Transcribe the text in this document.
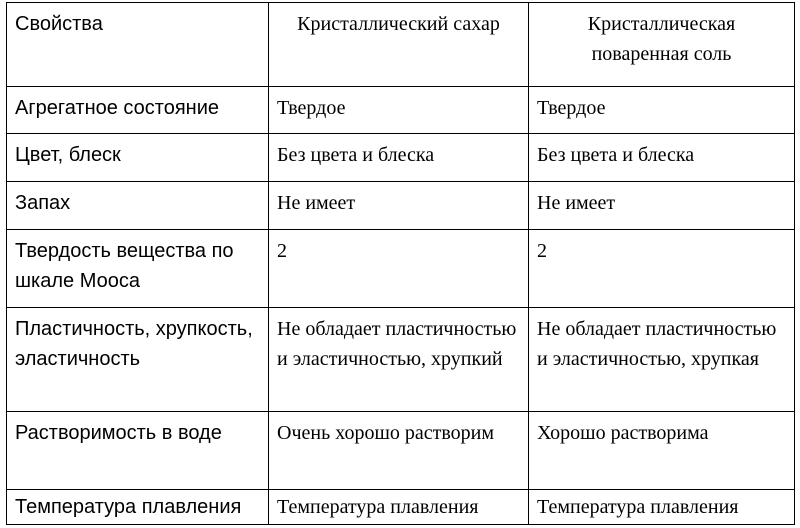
Свойства	Кристаллический сахар	Кристаллическая поваренная соль
Агрегатное состояние	Твердое	Твердое
Цвет, блеск	Без цвета и блеска	Без цвета и блеска
Запах	Не имеет	Не имеет
Твердость вещества по шкале Мооса	2	2
Пластичность, хрупкость, эластичность	Не обладает пластичностью и эластичностью, хрупкий	Не обладает пластичностью и эластичностью, хрупкая
Растворимость в воде	Очень хорошо растворим	Хорошо растворима
Температура плавления	Температура плавления	Температура плавления
